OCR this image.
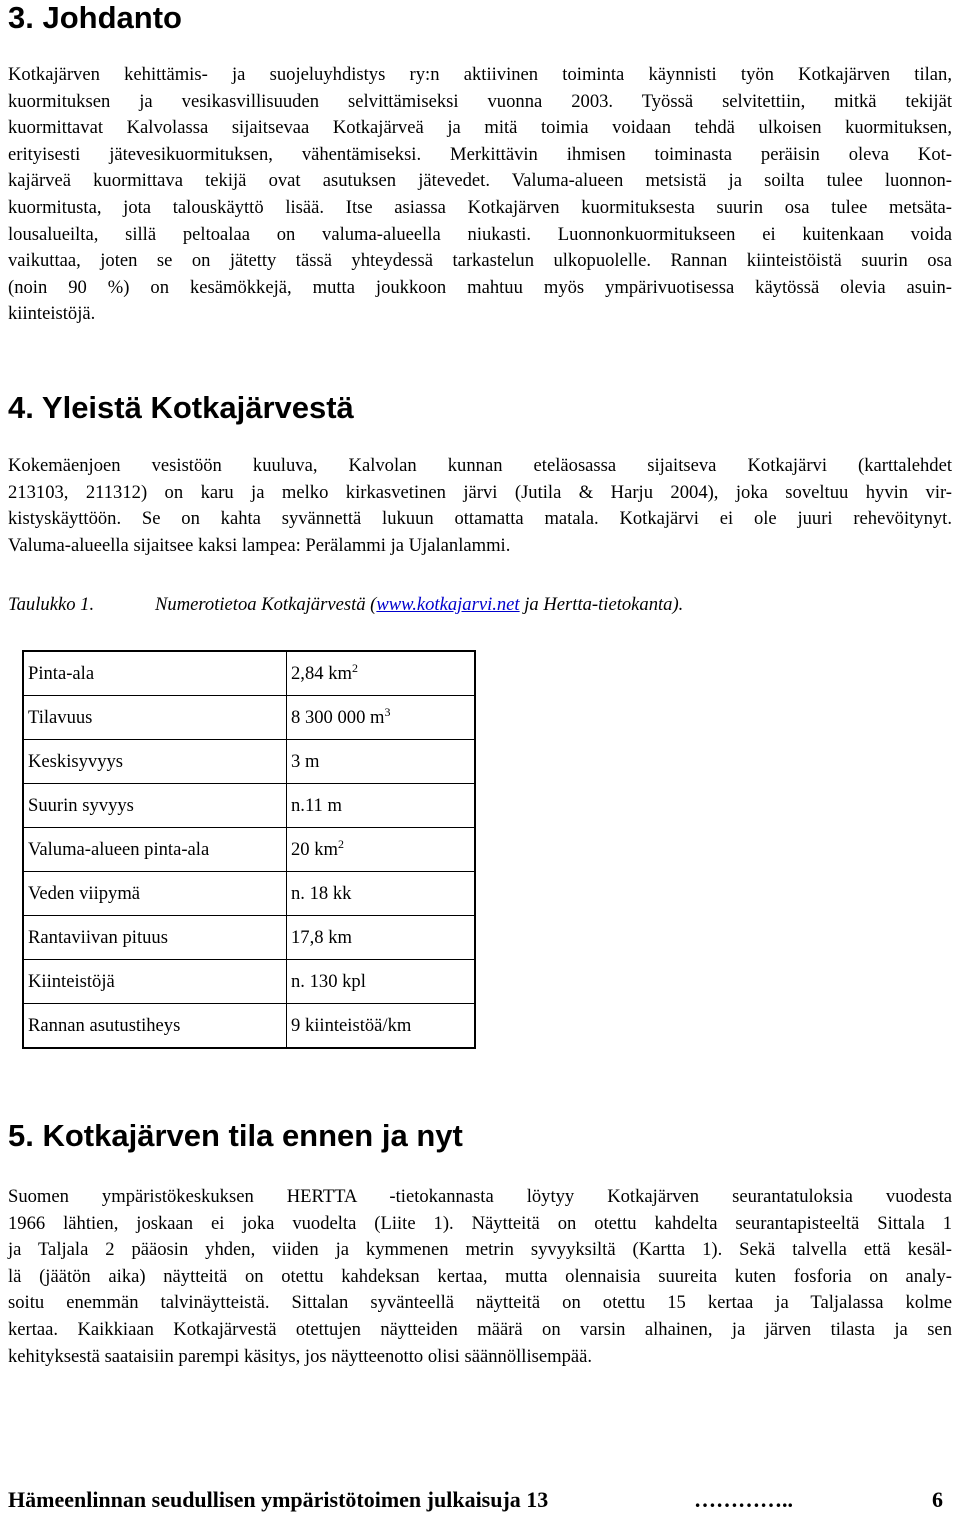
3. Johdanto
Kotkajärven kehittämis- ja suojeluyhdistys ry:n aktiivinen toiminta käynnisti työn Kotkajärven tilan,
kuormituksen ja vesikasvillisuuden selvittämiseksi vuonna 2003. Työssä selvitettiin, mitkä tekijät
kuormittavat Kalvolassa sijaitsevaa Kotkajärveä ja mitä toimia voidaan tehdä ulkoisen kuormituksen,
erityisesti jätevesikuormituksen, vähentämiseksi. Merkittävin ihmisen toiminasta peräisin oleva Kot-
kajärveä kuormittava tekijä ovat asutuksen jätevedet. Valuma-alueen metsistä ja soilta tulee luonnon-
kuormitusta, jota talouskäyttö lisää. Itse asiassa Kotkajärven kuormituksesta suurin osa tulee metsäta-
lousalueilta, sillä peltoalaa on valuma-alueella niukasti. Luonnonkuormitukseen ei kuitenkaan voida
vaikuttaa, joten se on jätetty tässä yhteydessä tarkastelun ulkopuolelle. Rannan kiinteistöistä suurin osa
(noin 90 %) on kesämökkejä, mutta joukkoon mahtuu myös ympärivuotisessa käytössä olevia asuin-
kiinteistöjä.
4. Yleistä Kotkajärvestä
Kokemäenjoen vesistöön kuuluva, Kalvolan kunnan eteläosassa sijaitseva Kotkajärvi (karttalehdet
213103, 211312) on karu ja melko kirkasvetinen järvi (Jutila & Harju 2004), joka soveltuu hyvin vir-
kistyskäyttöön. Se on kahta syvännettä lukuun ottamatta matala. Kotkajärvi ei ole juuri rehevöitynyt.
Valuma-alueella sijaitsee kaksi lampea: Perälammi ja Ujalanlammi.
Taulukko 1.	Numerotietoa Kotkajärvestä (www.kotkajarvi.net ja Hertta-tietokanta).
Pinta-ala	2,84 $km^2$
Tilavuus	8 300 000 $m^3$
Keskisyvyys	3 m
Suurin syvyys	n.11 m
Valuma-alueen pinta-ala	20 $km^2$
Veden viipymä	n. 18 kk
Rantaviivan pituus	17,8 km
Kiinteistöjä	n. 130 kpl
Rannan asutustiheys	9 kiinteistöä/km
5. Kotkajärven tila ennen ja nyt
Suomen ympäristökeskuksen HERTTA -tietokannasta löytyy Kotkajärven seurantatuloksia vuodesta
1966 lähtien, joskaan ei joka vuodelta (Liite 1). Näytteitä on otettu kahdelta seurantapisteeltä Sittala 1
ja Taljala 2 pääosin yhden, viiden ja kymmenen metrin syvyyksiltä (Kartta 1). Sekä talvella että kesäl-
lä (jäätön aika) näytteitä on otettu kahdeksan kertaa, mutta olennaisia suureita kuten fosforia on analy-
soitu enemmän talvinäytteistä. Sittalan syvänteellä näytteitä on otettu 15 kertaa ja Taljalassa kolme
kertaa. Kaikkiaan Kotkajärvestä otettujen näytteiden määrä on varsin alhainen, ja järven tilasta ja sen
kehityksestä saataisiin parempi käsitys, jos näytteenotto olisi säännöllisempää.
Hämeenlinnan seudullisen ympäristötoimen julkaisuja 13	…………..	6
